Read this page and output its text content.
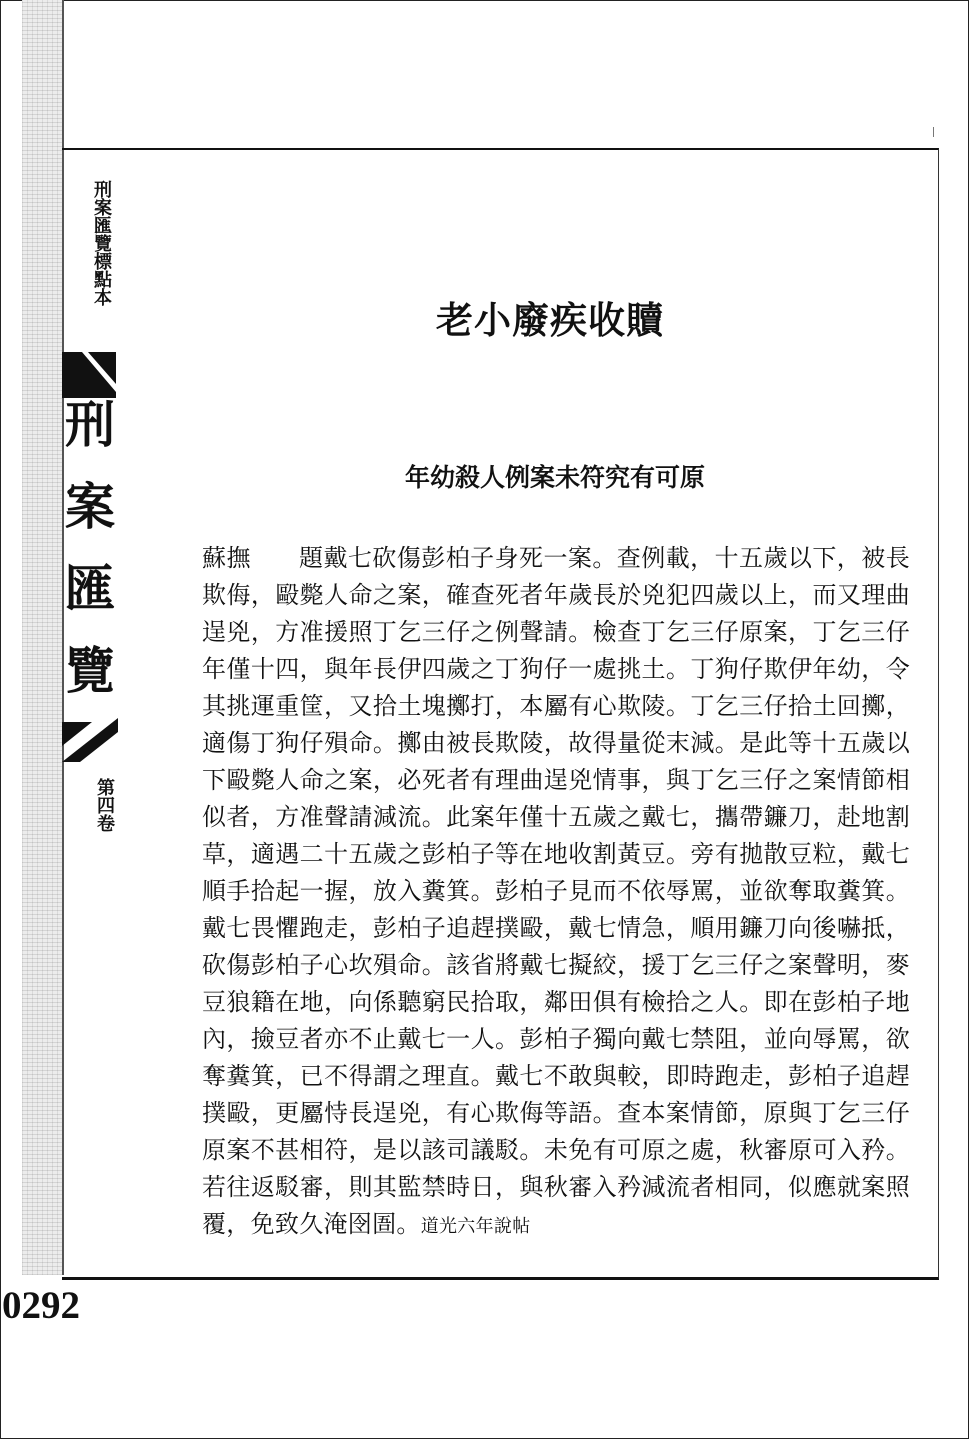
刑案匯覽標點本
刑
案
匯
覽
第四卷
老小廢疾收贖
年幼殺人例案未符究有可原
蘇撫 題戴七砍傷彭柏子身死一案。查例載，十五歲以下，被長欺侮，毆斃人命之案，確查死者年歲長於兇犯四歲以上，而又理曲逞兇，方准援照丁乞三仔之例聲請。檢查丁乞三仔原案，丁乞三仔年僅十四，與年長伊四歲之丁狗仔一處挑土。丁狗仔欺伊年幼，令其挑運重筐，又拾土塊擲打，本屬有心欺陵。丁乞三仔拾土回擲，適傷丁狗仔殞命。擲由被長欺陵，故得量從末減。是此等十五歲以下毆斃人命之案，必死者有理曲逞兇情事，與丁乞三仔之案情節相似者，方准聲請減流。此案年僅十五歲之戴七，攜帶鐮刀，赴地割草，適遇二十五歲之彭柏子等在地收割黃豆。旁有拋散豆粒，戴七順手拾起一握，放入糞箕。彭柏子見而不依辱罵，並欲奪取糞箕。戴七畏懼跑走，彭柏子追趕撲毆，戴七情急，順用鐮刀向後嚇抵，砍傷彭柏子心坎殞命。該省將戴七擬絞，援丁乞三仔之案聲明，麥豆狼籍在地，向係聽窮民拾取，鄰田俱有檢拾之人。即在彭柏子地內，撿豆者亦不止戴七一人。彭柏子獨向戴七禁阻，並向辱罵，欲奪糞箕，已不得謂之理直。戴七不敢與較，即時跑走，彭柏子追趕撲毆，更屬恃長逞兇，有心欺侮等語。查本案情節，原與丁乞三仔原案不甚相符，是以該司議駁。未免有可原之處，秋審原可入矜。若往返駁審，則其監禁時日，與秋審入矜減流者相同，似應就案照覆，免致久淹囹圄。道光六年說帖
0292
